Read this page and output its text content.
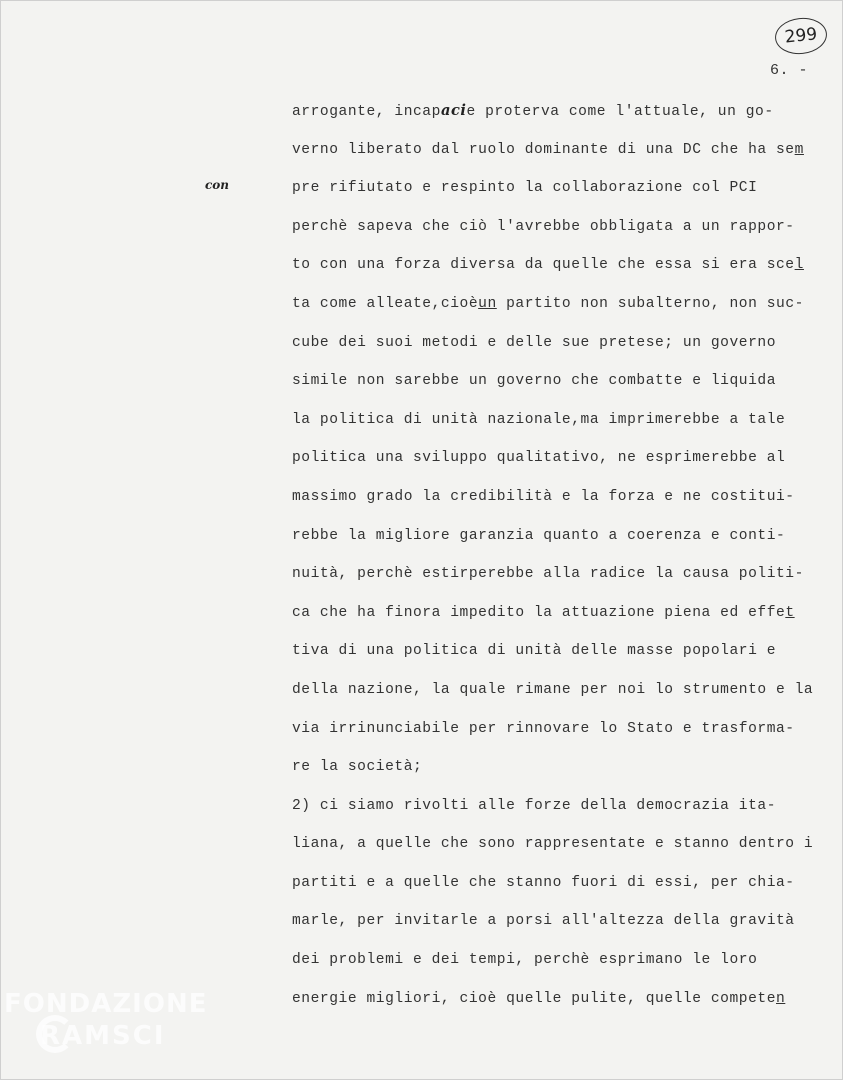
299
6. -
con
arrogante, incapacie proterva come l'attuale, un go-
verno liberato dal ruolo dominante di una DC che ha sem
pre rifiutato e respinto la collaborazione col PCI
perchè sapeva che ciò l'avrebbe obbligata a un rappor-
to con una forza diversa da quelle che essa si era scel
ta come alleate,cioèun partito non subalterno, non suc-
cube dei suoi metodi e delle sue pretese; un governo
simile non sarebbe un governo che combatte e liquida
la politica di unità nazionale,ma imprimerebbe a tale
politica una sviluppo qualitativo, ne esprimerebbe al
massimo grado la credibilità e la forza e ne costitui-
rebbe la migliore garanzia quanto a coerenza e conti-
nuità, perchè estirperebbe alla radice la causa politi-
ca che ha finora impedito la attuazione piena ed effet
tiva di una politica di unità delle masse popolari e
della nazione, la quale rimane per noi lo strumento e la
via irrinunciabile per rinnovare lo Stato e trasforma-
re la società;
2) ci siamo rivolti alle forze della democrazia ita-
liana, a quelle che sono rappresentate e stanno dentro i
partiti e a quelle che stanno fuori di essi, per chia-
marle, per invitarle a porsi all'altezza della gravità
dei problemi e dei tempi, perchè esprimano le loro
energie migliori, cioè quelle pulite, quelle competen
FONDAZIONE
RAMSCI
